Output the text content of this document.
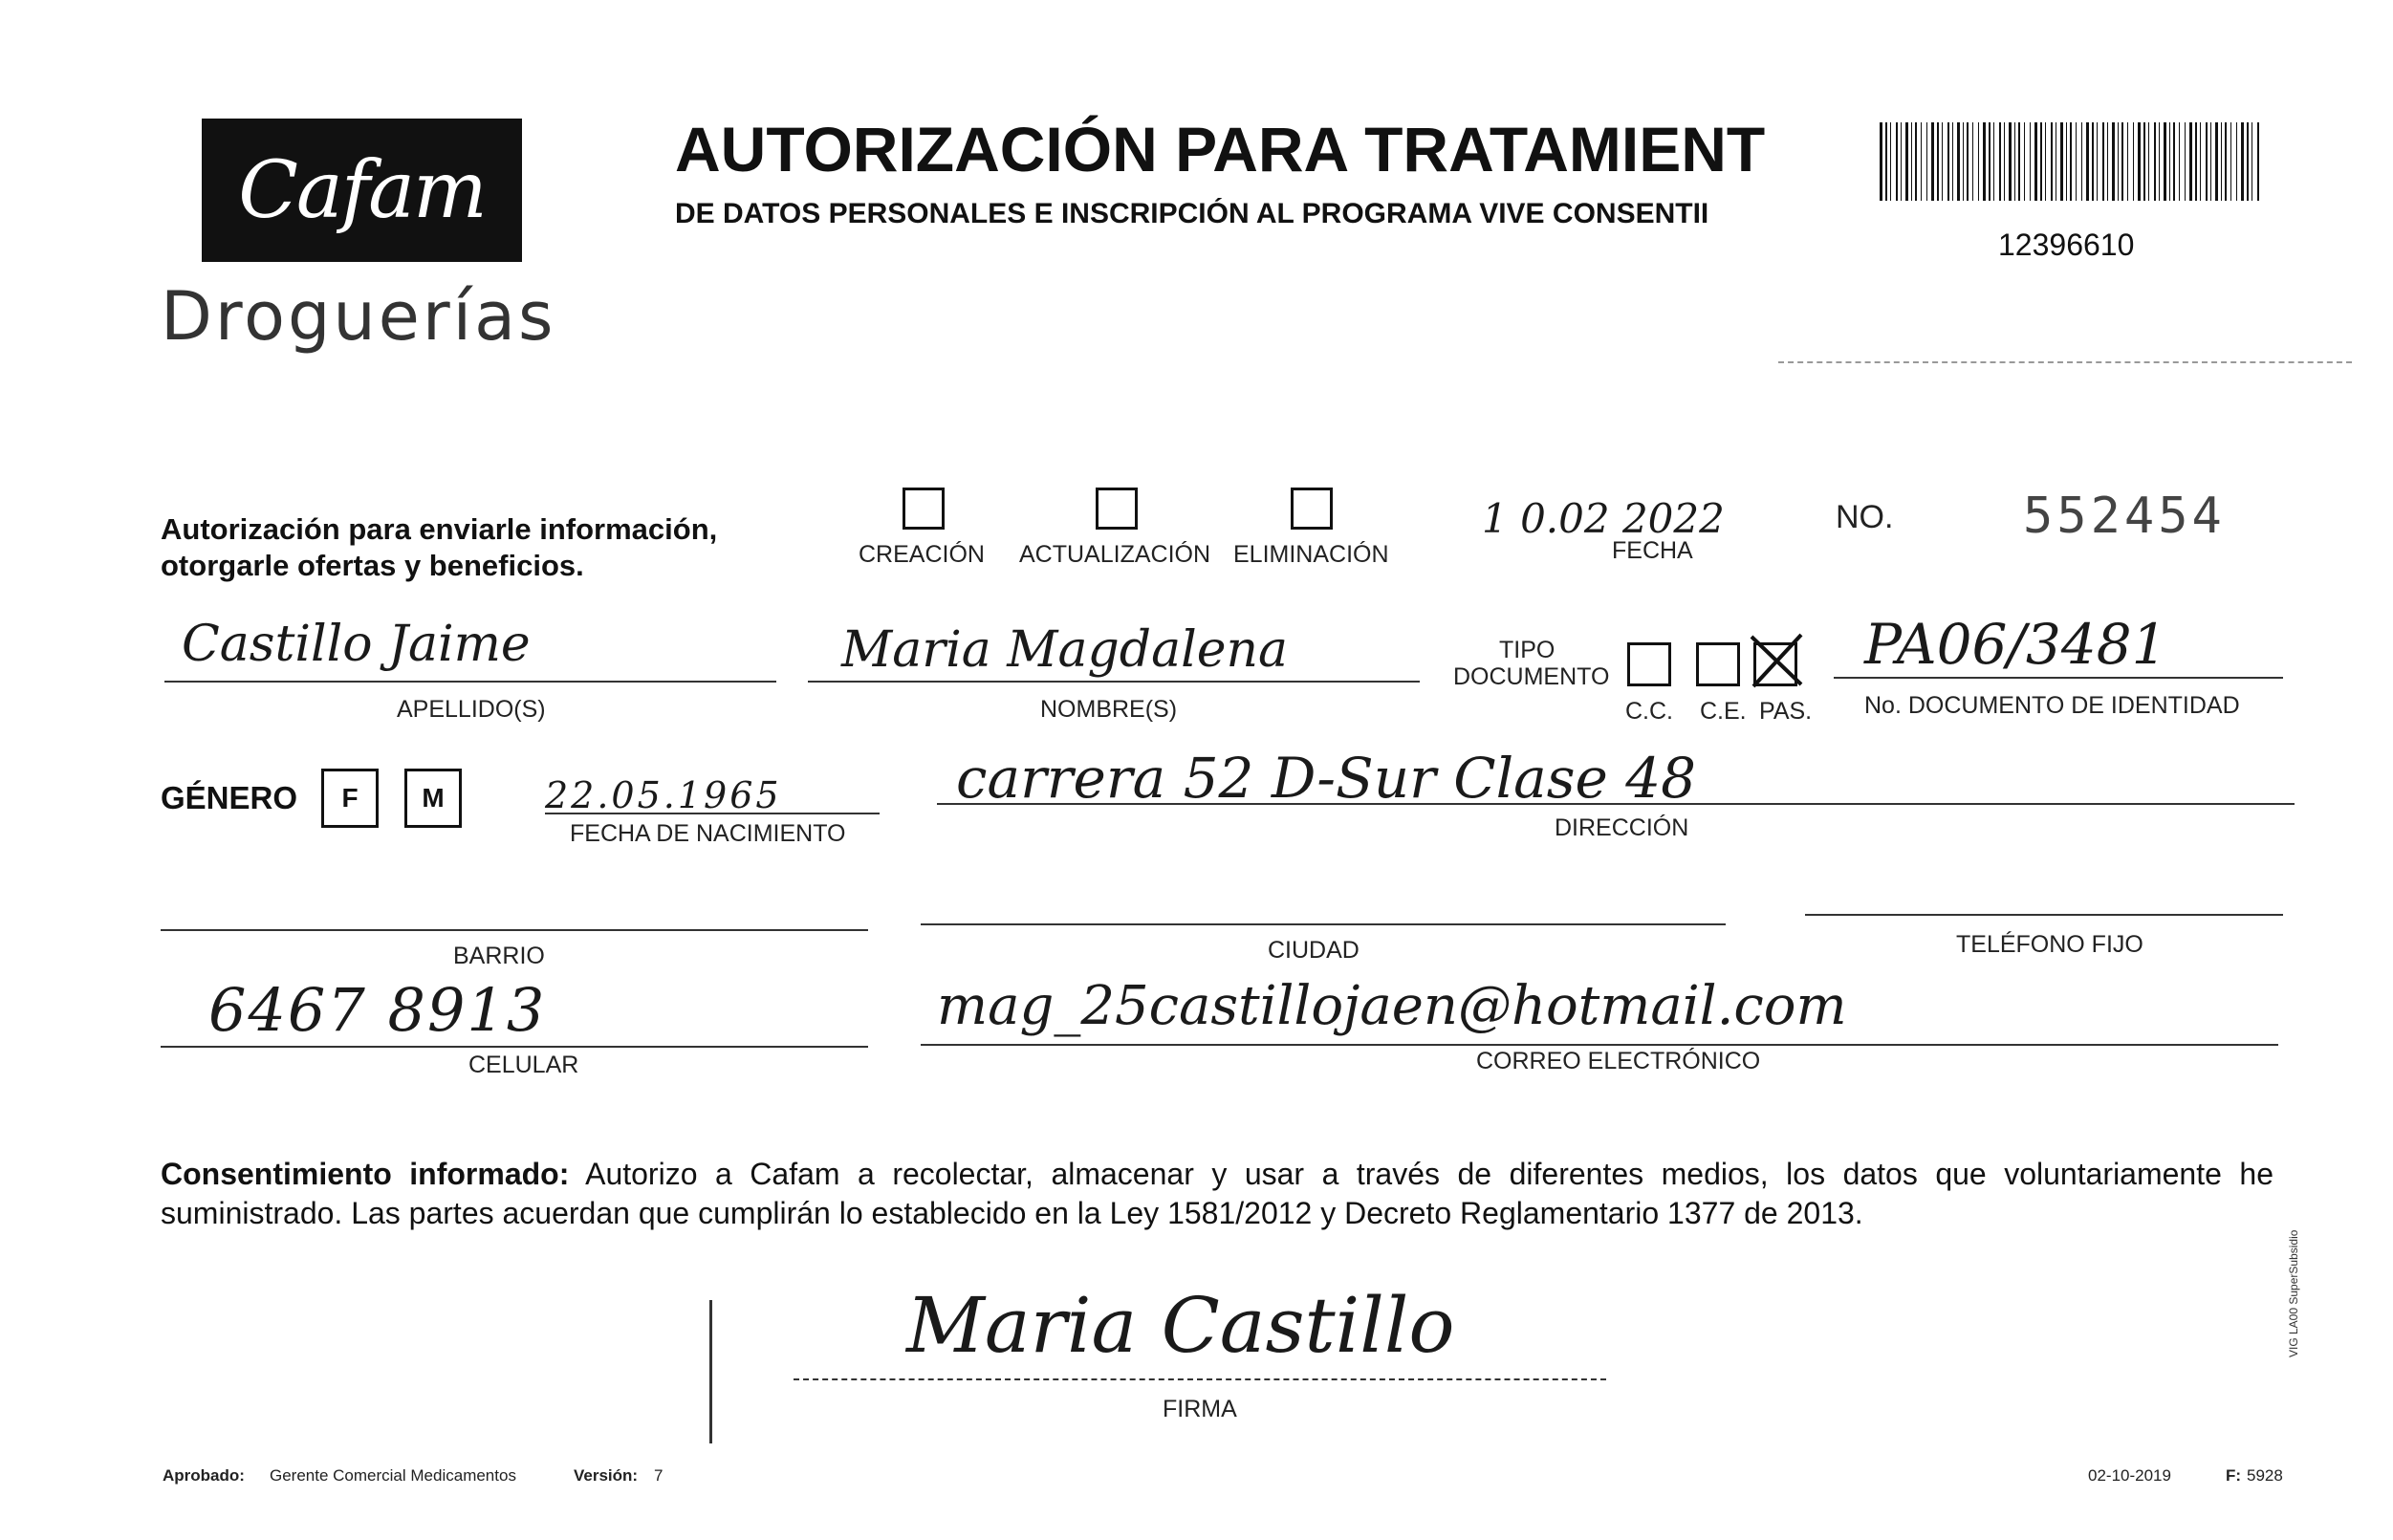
Cafam
Droguerías
AUTORIZACIÓN PARA TRATAMIENT
DE DATOS PERSONALES E INSCRIPCIÓN AL PROGRAMA VIVE CONSENTII
12396610
Autorización para enviarle información,
otorgarle ofertas y beneficios.	CREACIÓN ACTUALIZACIÓN ELIMINACIÓN
1 0.02 2022
FECHA
NO.	552454
Castillo Jaime
APELLIDO(S)
Maria Magdalena
NOMBRE(S)
TIPO
DOCUMENTO
C.C. C.E. PAS.
PA06/3481
No. DOCUMENTO DE IDENTIDAD
GÉNERO F M	22.05.1965
FECHA DE NACIMIENTO
carrera 52 D-Sur Clase 48
DIRECCIÓN
BARRIO	CIUDAD	TELÉFONO FIJO
6467 8913
CELULAR
mag_25castillojaen@hotmail.com
CORREO ELECTRÓNICO
Consentimiento informado: Autorizo a Cafam a recolectar, almacenar y usar a través de diferentes medios, los datos que voluntariamente he suministrado. Las partes acuerdan que cumplirán lo establecido en la Ley 1581/2012 y Decreto Reglamentario 1377 de 2013.
Maria Castillo
FIRMA
Aprobado: Gerente Comercial Medicamentos	Versión: 7	02-10-2019	F: 5928
VIG LA00 SuperSubsidio
